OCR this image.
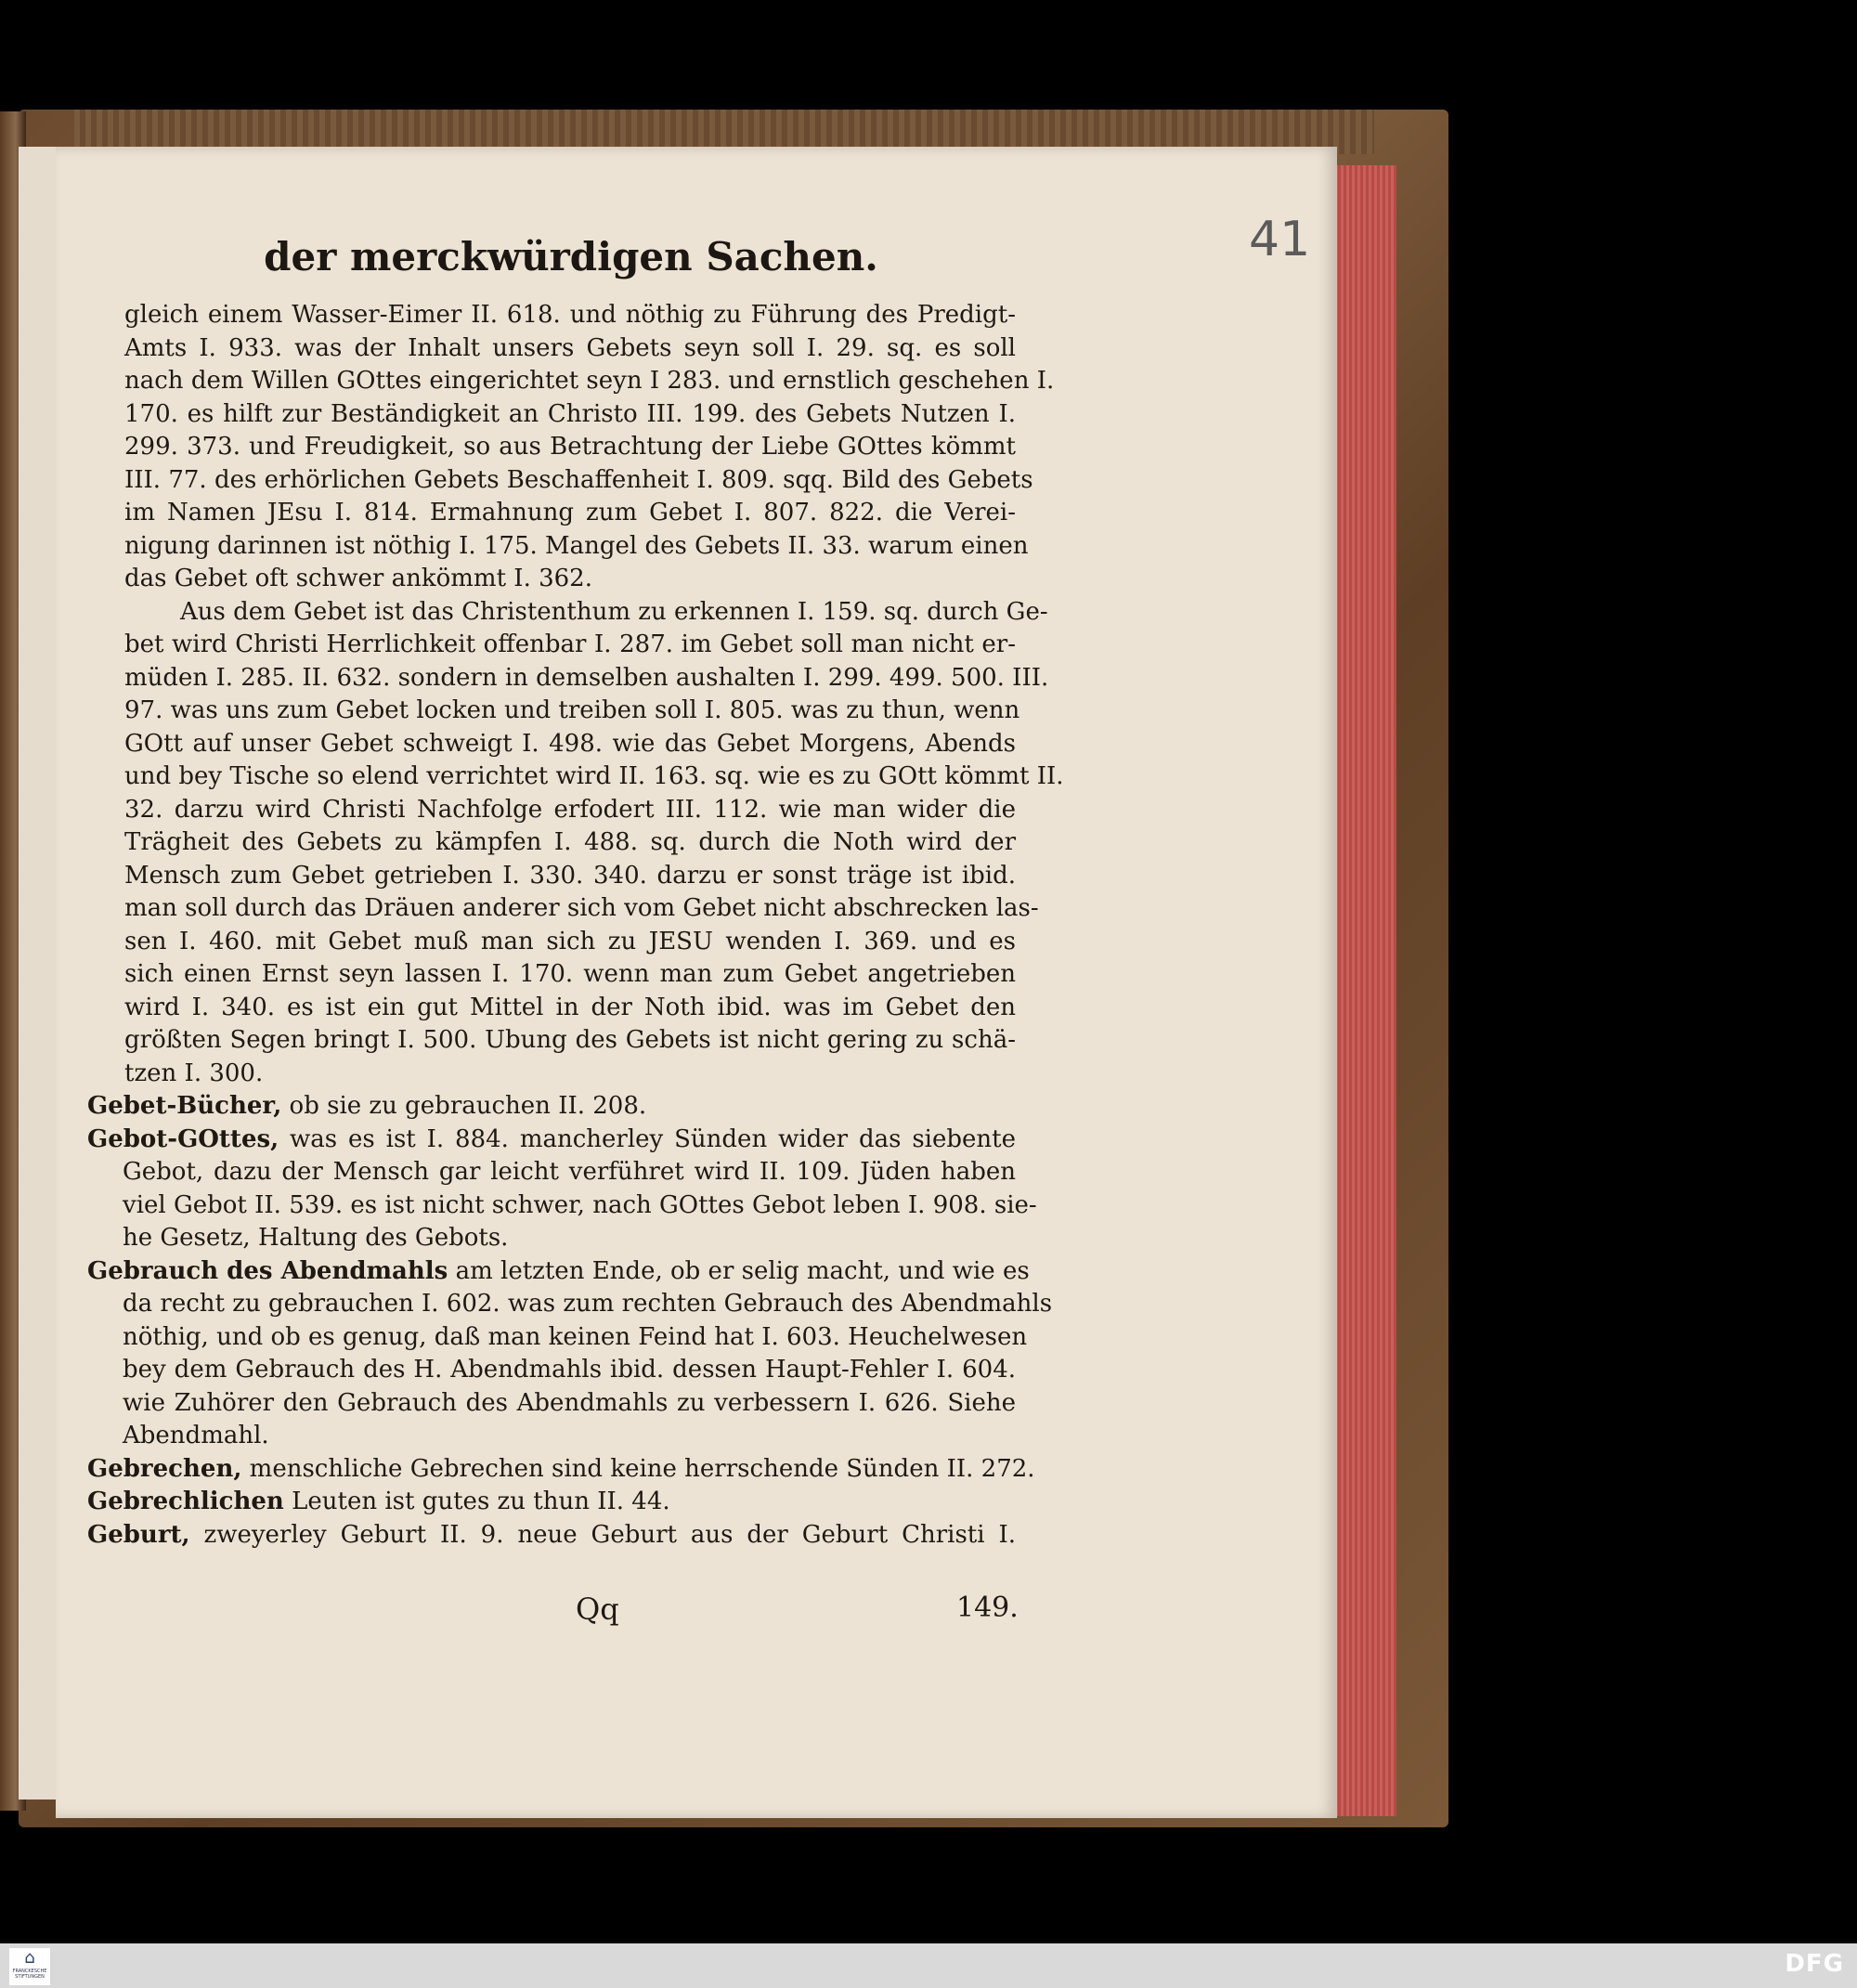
41
der merckwürdigen Sachen.
gleich einem Wasser-Eimer II. 618. und nöthig zu Führung des Predigt-
Amts I. 933. was der Inhalt unsers Gebets seyn soll I. 29. sq. es soll
nach dem Willen GOttes eingerichtet seyn I 283. und ernstlich geschehen I.
170. es hilft zur Beständigkeit an Christo III. 199. des Gebets Nutzen I.
299. 373. und Freudigkeit, so aus Betrachtung der Liebe GOttes kömmt
III. 77. des erhörlichen Gebets Beschaffenheit I. 809. sqq. Bild des Gebets
im Namen JEsu I. 814. Ermahnung zum Gebet I. 807. 822. die Verei-
nigung darinnen ist nöthig I. 175. Mangel des Gebets II. 33. warum einen
das Gebet oft schwer ankömmt I. 362.
Aus dem Gebet ist das Christenthum zu erkennen I. 159. sq. durch Ge-
bet wird Christi Herrlichkeit offenbar I. 287. im Gebet soll man nicht er-
müden I. 285. II. 632. sondern in demselben aushalten I. 299. 499. 500. III.
97. was uns zum Gebet locken und treiben soll I. 805. was zu thun, wenn
GOtt auf unser Gebet schweigt I. 498. wie das Gebet Morgens, Abends
und bey Tische so elend verrichtet wird II. 163. sq. wie es zu GOtt kömmt II.
32. darzu wird Christi Nachfolge erfodert III. 112. wie man wider die
Trägheit des Gebets zu kämpfen I. 488. sq. durch die Noth wird der
Mensch zum Gebet getrieben I. 330. 340. darzu er sonst träge ist ibid.
man soll durch das Dräuen anderer sich vom Gebet nicht abschrecken las-
sen I. 460. mit Gebet muß man sich zu JESU wenden I. 369. und es
sich einen Ernst seyn lassen I. 170. wenn man zum Gebet angetrieben
wird I. 340. es ist ein gut Mittel in der Noth ibid. was im Gebet den
größten Segen bringt I. 500. Ubung des Gebets ist nicht gering zu schä-
tzen I. 300.
Gebet-Bücher, ob sie zu gebrauchen II. 208.
Gebot-GOttes, was es ist I. 884. mancherley Sünden wider das siebente
Gebot, dazu der Mensch gar leicht verführet wird II. 109. Jüden haben
viel Gebot II. 539. es ist nicht schwer, nach GOttes Gebot leben I. 908. sie-
he Gesetz, Haltung des Gebots.
Gebrauch des Abendmahls am letzten Ende, ob er selig macht, und wie es
da recht zu gebrauchen I. 602. was zum rechten Gebrauch des Abendmahls
nöthig, und ob es genug, daß man keinen Feind hat I. 603. Heuchelwesen
bey dem Gebrauch des H. Abendmahls ibid. dessen Haupt-Fehler I. 604.
wie Zuhörer den Gebrauch des Abendmahls zu verbessern I. 626. Siehe
Abendmahl.
Gebrechen, menschliche Gebrechen sind keine herrschende Sünden II. 272.
Gebrechlichen Leuten ist gutes zu thun II. 44.
Geburt, zweyerley Geburt II. 9. neue Geburt aus der Geburt Christi I.
Qq	149.
⌂
FRANCKESCHE STIFTUNGEN	DFG
